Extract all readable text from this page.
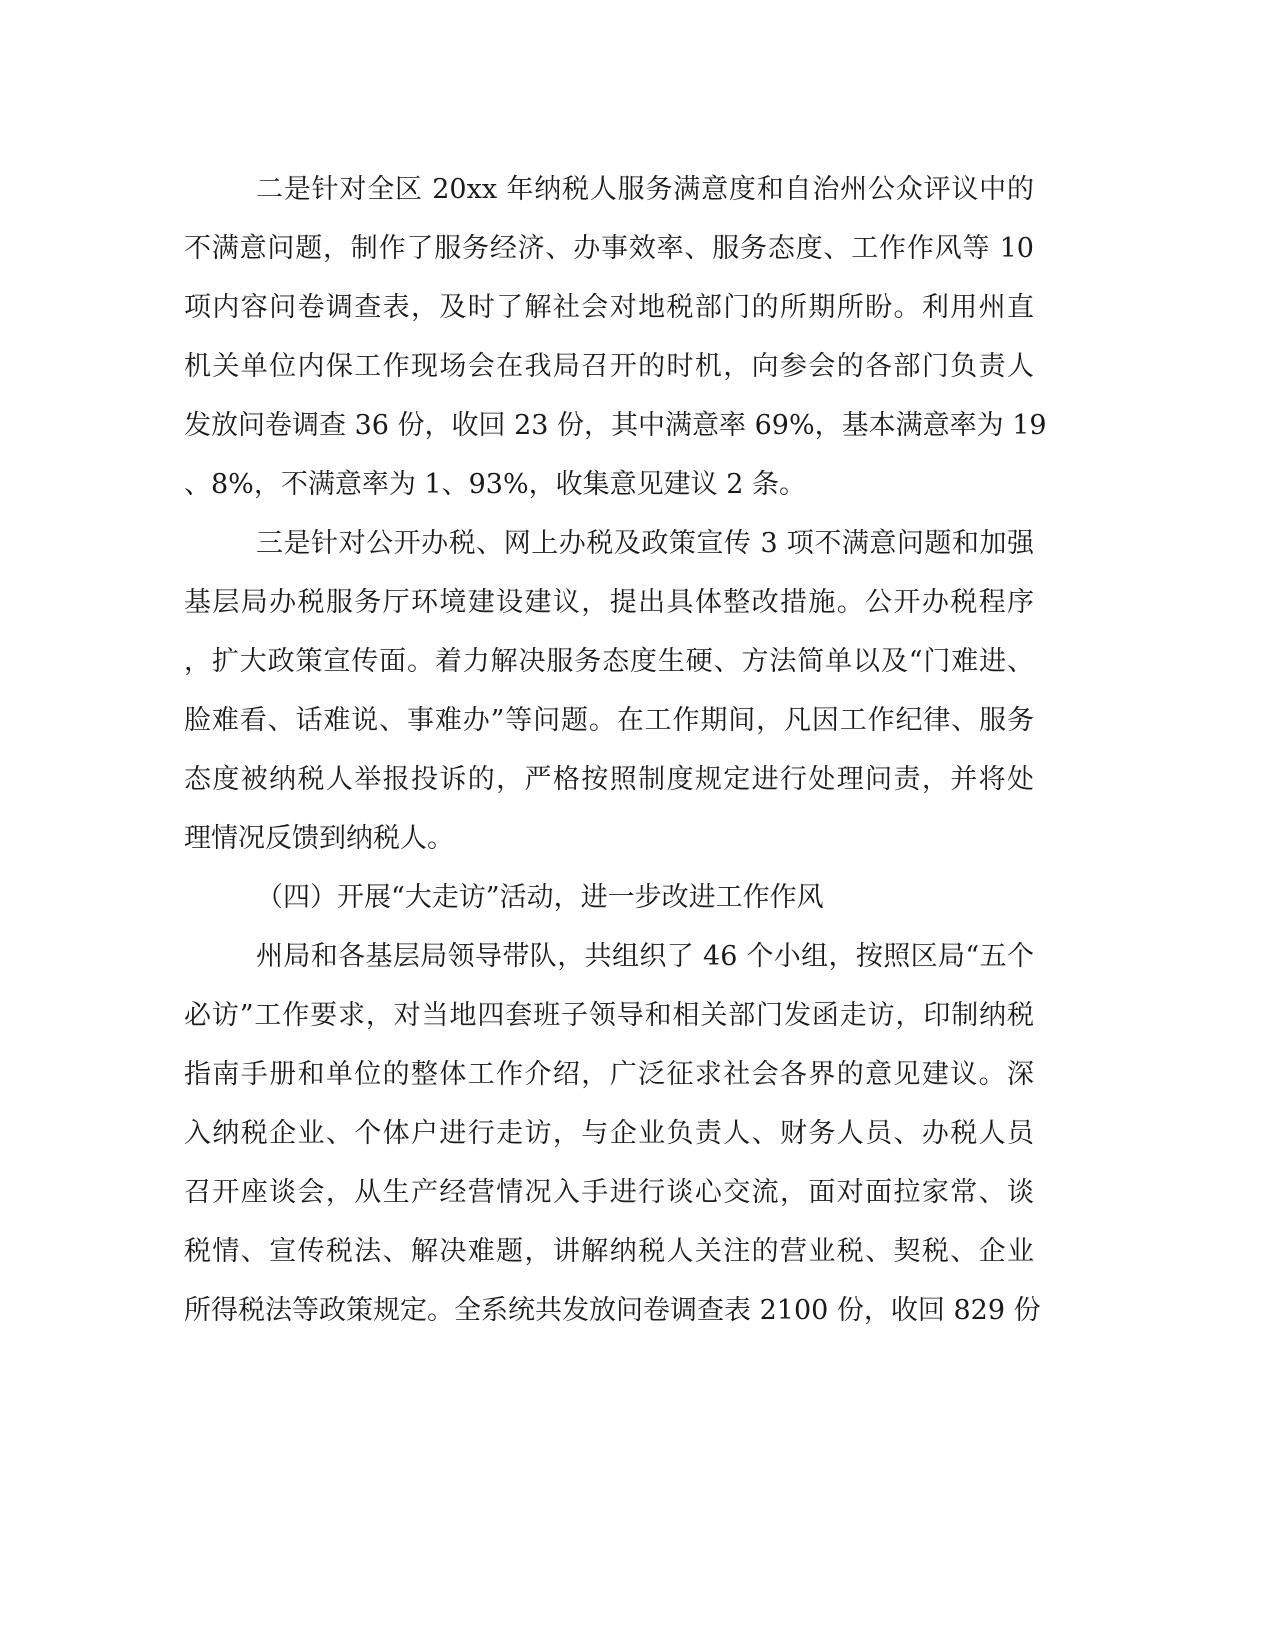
二是针对全区 20xx 年纳税人服务满意度和自治州公众评议中的
不满意问题，制作了服务经济、办事效率、服务态度、工作作风等 10
项内容问卷调查表，及时了解社会对地税部门的所期所盼。利用州直
机关单位内保工作现场会在我局召开的时机，向参会的各部门负责人
发放问卷调查 36 份，收回 23 份，其中满意率 69%，基本满意率为 19
、8%，不满意率为 1、93%，收集意见建议 2 条。
三是针对公开办税、网上办税及政策宣传 3 项不满意问题和加强
基层局办税服务厅环境建设建议，提出具体整改措施。公开办税程序
，扩大政策宣传面。着力解决服务态度生硬、方法简单以及“门难进、
脸难看、话难说、事难办”等问题。在工作期间，凡因工作纪律、服务
态度被纳税人举报投诉的，严格按照制度规定进行处理问责，并将处
理情况反馈到纳税人。
（四）开展“大走访”活动，进一步改进工作作风
州局和各基层局领导带队，共组织了 46 个小组，按照区局“五个
必访”工作要求，对当地四套班子领导和相关部门发函走访，印制纳税
指南手册和单位的整体工作介绍，广泛征求社会各界的意见建议。深
入纳税企业、个体户进行走访，与企业负责人、财务人员、办税人员
召开座谈会，从生产经营情况入手进行谈心交流，面对面拉家常、谈
税情、宣传税法、解决难题，讲解纳税人关注的营业税、契税、企业
所得税法等政策规定。全系统共发放问卷调查表 2100 份，收回 829 份
